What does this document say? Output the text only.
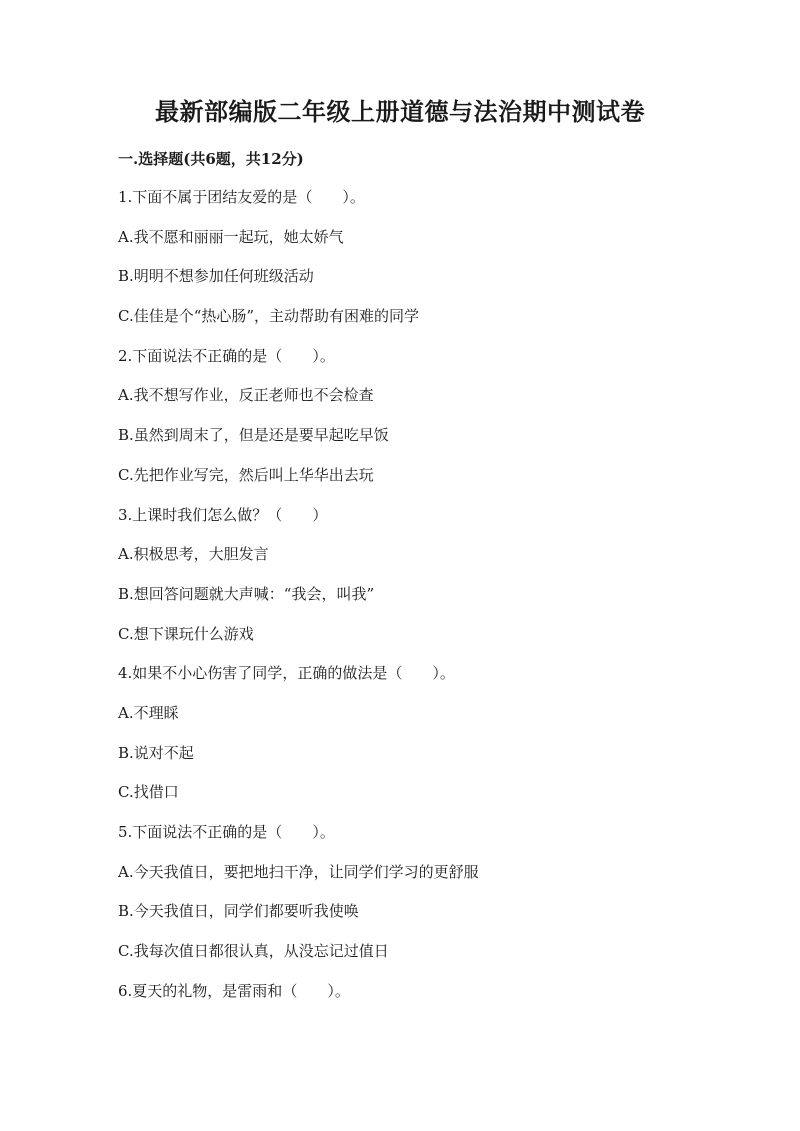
最新部编版二年级上册道德与法治期中测试卷
一.选择题(共6题，共12分)
1.下面不属于团结友爱的是（　　）。
A.我不愿和丽丽一起玩，她太娇气
B.明明不想参加任何班级活动
C.佳佳是个“热心肠”，主动帮助有困难的同学
2.下面说法不正确的是（　　）。
A.我不想写作业，反正老师也不会检查
B.虽然到周末了，但是还是要早起吃早饭
C.先把作业写完，然后叫上华华出去玩
3.上课时我们怎么做？（　　）
A.积极思考，大胆发言
B.想回答问题就大声喊：“我会，叫我”
C.想下课玩什么游戏
4.如果不小心伤害了同学，正确的做法是（　　）。
A.不理睬
B.说对不起
C.找借口
5.下面说法不正确的是（　　）。
A.今天我值日，要把地扫干净，让同学们学习的更舒服
B.今天我值日，同学们都要听我使唤
C.我每次值日都很认真，从没忘记过值日
6.夏天的礼物，是雷雨和（　　）。
